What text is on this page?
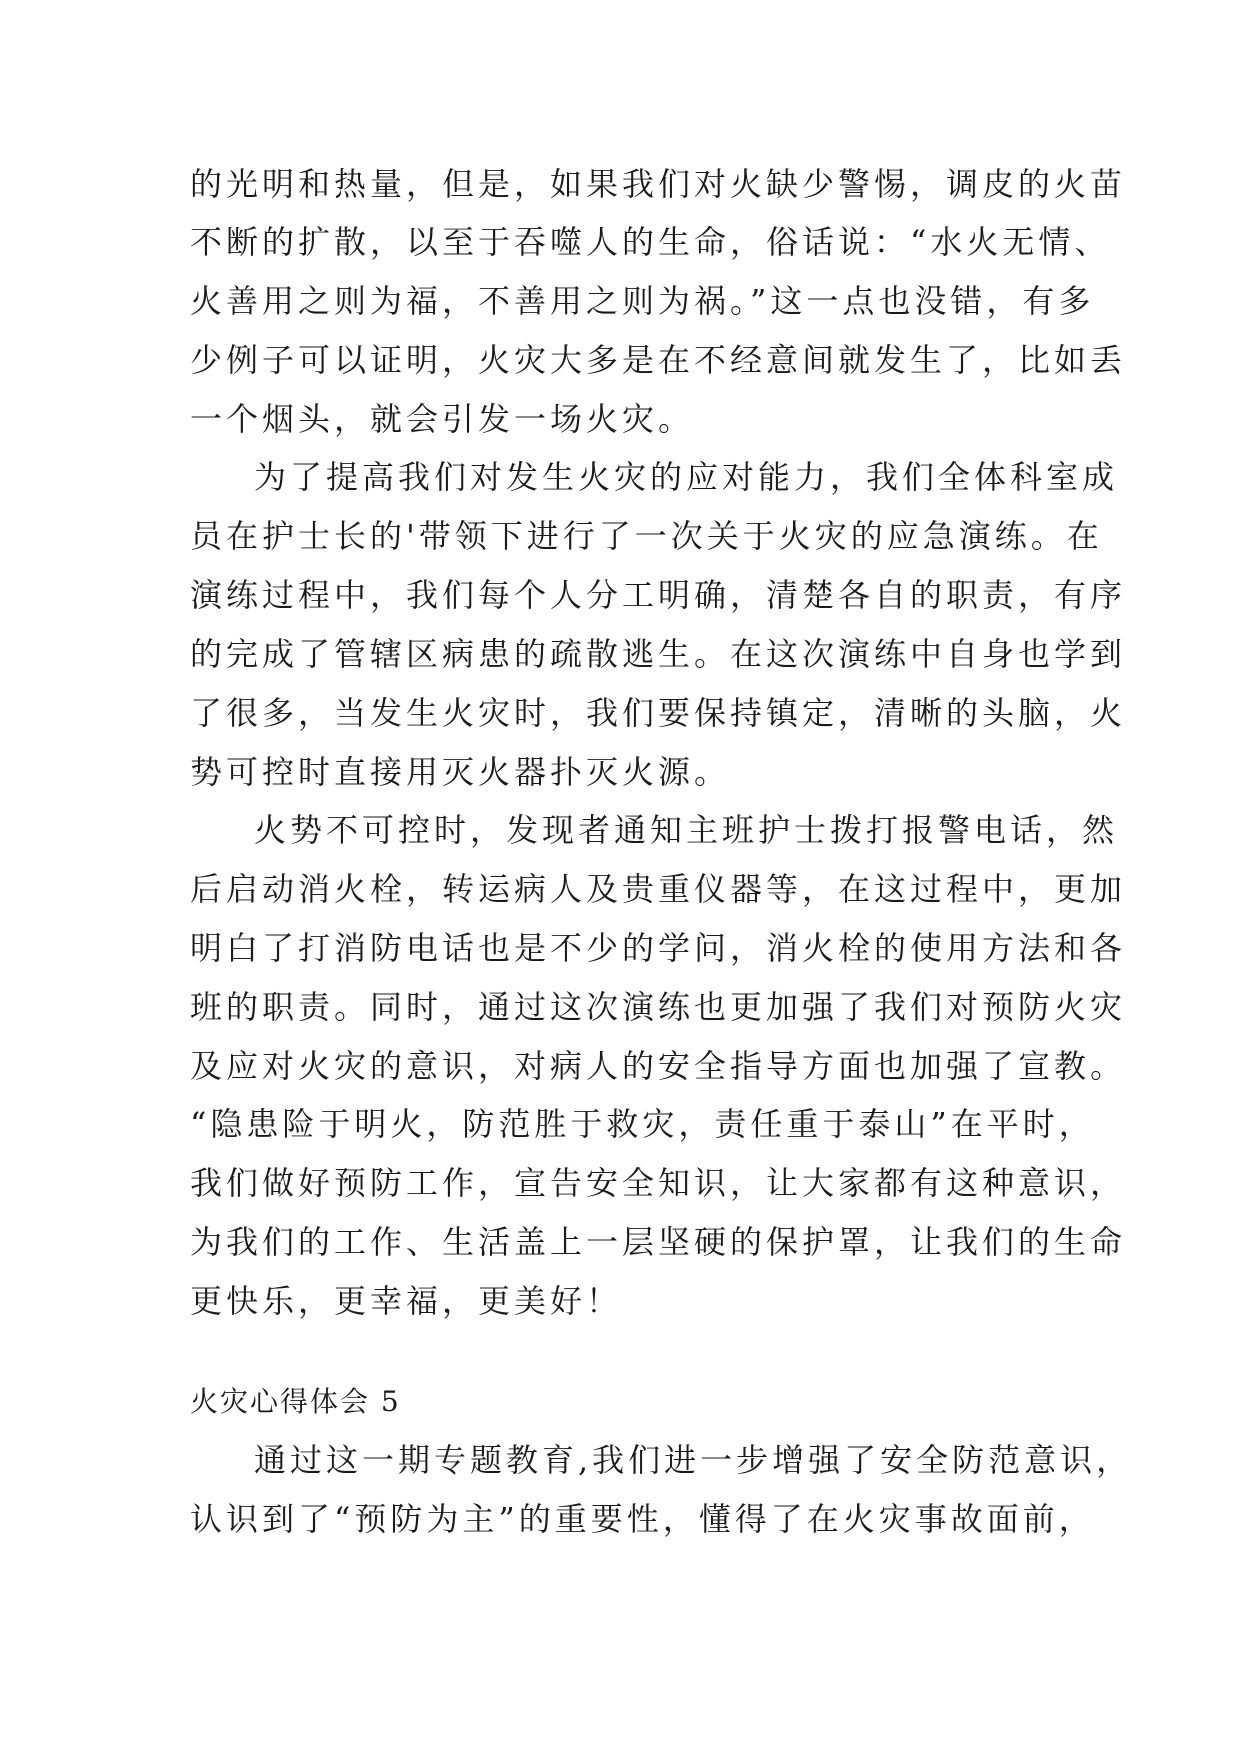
的光明和热量，但是，如果我们对火缺少警惕，调皮的火苗
不断的扩散，以至于吞噬人的生命，俗话说：“水火无情、
火善用之则为福，不善用之则为祸。”这一点也没错，有多
少例子可以证明，火灾大多是在不经意间就发生了，比如丢
一个烟头，就会引发一场火灾。
为了提高我们对发生火灾的应对能力，我们全体科室成
员在护士长的'带领下进行了一次关于火灾的应急演练。在
演练过程中，我们每个人分工明确，清楚各自的职责，有序
的完成了管辖区病患的疏散逃生。在这次演练中自身也学到
了很多，当发生火灾时，我们要保持镇定，清晰的头脑，火
势可控时直接用灭火器扑灭火源。
火势不可控时，发现者通知主班护士拨打报警电话，然
后启动消火栓，转运病人及贵重仪器等，在这过程中，更加
明白了打消防电话也是不少的学问，消火栓的使用方法和各
班的职责。同时，通过这次演练也更加强了我们对预防火灾
及应对火灾的意识，对病人的安全指导方面也加强了宣教。
“隐患险于明火，防范胜于救灾，责任重于泰山”在平时，
我们做好预防工作，宣告安全知识，让大家都有这种意识，
为我们的工作、生活盖上一层坚硬的保护罩，让我们的生命
更快乐，更幸福，更美好！
火灾心得体会 5
通过这一期专题教育,我们进一步增强了安全防范意识，
认识到了“预防为主”的重要性，懂得了在火灾事故面前，
